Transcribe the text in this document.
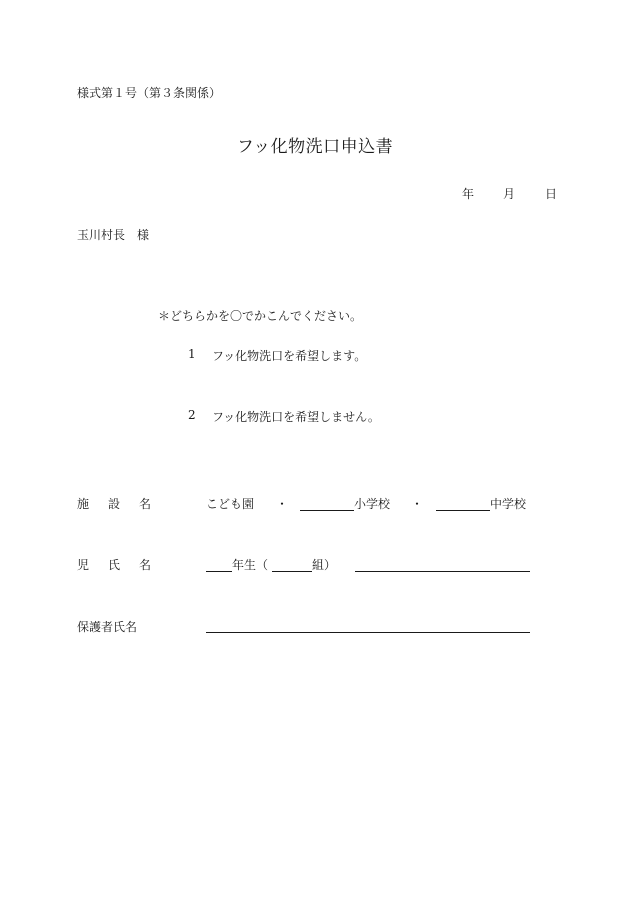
様式第１号（第３条関係）
フッ化物洗口申込書
年 月 日
玉川村長　様
＊どちらかを〇でかこんでください。
1 フッ化物洗口を希望します。
2 フッ化物洗口を希望しません。
施 設 名	こども園 ・	小学校 ・	中学校
児 氏 名	年生（	組）
保護者氏名
